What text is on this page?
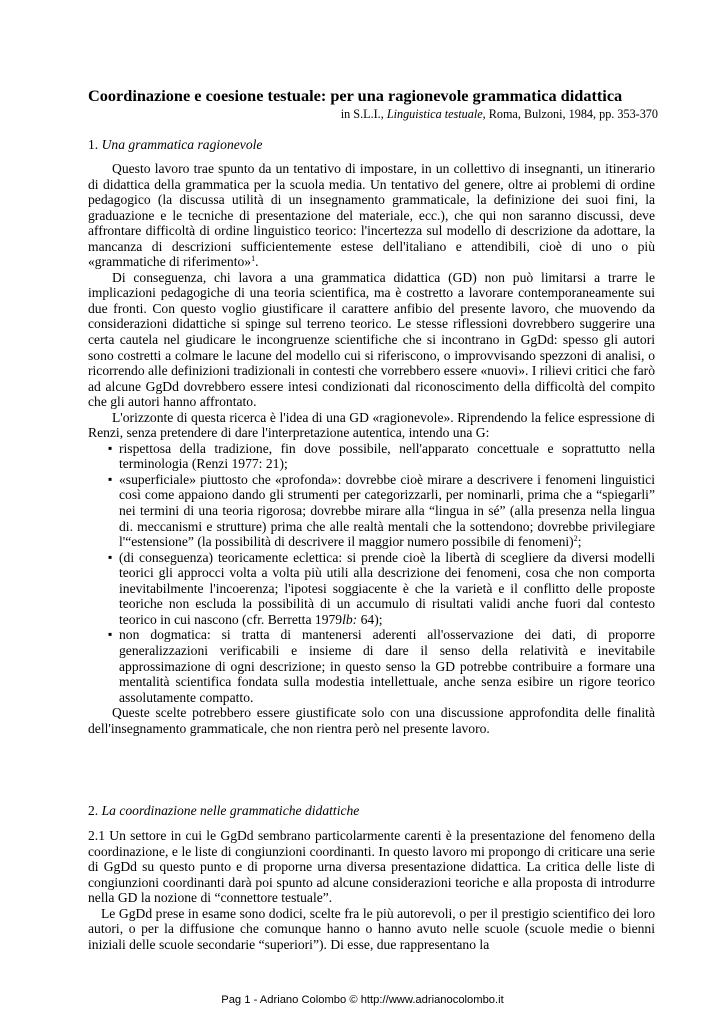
Coordinazione e coesione testuale: per una ragionevole grammatica didattica
in S.L.I., Linguistica testuale, Roma, Bulzoni, 1984, pp. 353-370
1. Una grammatica ragionevole

Questo lavoro trae spunto da un tentativo di impostare, in un collettivo di insegnanti, un itinerario di didattica della grammatica per la scuola media. Un tentativo del genere, oltre ai problemi di ordine pedagogico (la discussa utilità di un insegnamento grammaticale, la definizione dei suoi fini, la graduazione e le tecniche di presentazione del materiale, ecc.), che qui non saranno discussi, deve affrontare difficoltà di ordine linguistico teorico: l'incertezza sul modello di descrizione da adottare, la mancanza di descrizioni sufficientemente estese dell'italiano e attendibili, cioè di uno o più «grammatiche di riferimento»$^1$.

Di conseguenza, chi lavora a una grammatica didattica (GD) non può limitarsi a trarre le implicazioni pedagogiche di una teoria scientifica, ma è costretto a lavorare contemporaneamente sui due fronti. Con questo voglio giustificare il carattere anfibio del presente lavoro, che muovendo da considerazioni didattiche si spinge sul terreno teorico. Le stesse riflessioni dovrebbero suggerire una certa cautela nel giudicare le incongruenze scientifiche che si incontrano in GgDd: spesso gli autori sono costretti a colmare le lacune del modello cui si riferiscono, o improvvisando spezzoni di analisi, o ricorrendo alle definizioni tradizionali in contesti che vorrebbero essere «nuovi». I rilievi critici che farò ad alcune GgDd dovrebbero essere intesi condizionati dal riconoscimento della difficoltà del compito che gli autori hanno affrontato.

L'orizzonte di questa ricerca è l'idea di una GD «ragionevole». Riprendendo la felice espressione di Renzi, senza pretendere di dare l'interpretazione autentica, intendo una G:

▪ rispettosa della tradizione, fin dove possibile, nell'apparato concettuale e soprattutto nella terminologia (Renzi 1977: 21);
▪ «superficiale» piuttosto che «profonda»: dovrebbe cioè mirare a descrivere i fenomeni linguistici così come appaiono dando gli strumenti per categorizzarli, per nominarli, prima che a “spiegarli” nei termini di una teoria rigorosa; dovrebbe mirare alla “lingua in sé” (alla presenza nella lingua di. meccanismi e strutture) prima che alle realtà mentali che la sottendono; dovrebbe privilegiare l'“estensione” (la possibilità di descrivere il maggior numero possibile di fenomeni)$^2$;
▪ (di conseguenza) teoricamente eclettica: si prende cioè la libertà di scegliere da diversi modelli teorici gli approcci volta a volta più utili alla descrizione dei fenomeni, cosa che non comporta inevitabilmente l'incoerenza; l'ipotesi soggiacente è che la varietà e il conflitto delle proposte teoriche non escluda la possibilità di un accumulo di risultati validi anche fuori dal contesto teorico in cui nascono (cfr. Berretta 1979lb: 64);
▪ non dogmatica: si tratta di mantenersi aderenti all'osservazione dei dati, di proporre generalizzazioni verificabili e insieme di dare il senso della relatività e inevitabile approssimazione di ogni descrizione; in questo senso la GD potrebbe contribuire a formare una mentalità scientifica fondata sulla modestia intellettuale, anche senza esibire un rigore teorico assolutamente compatto.

Queste scelte potrebbero essere giustificate solo con una discussione approfondita delle finalità dell'insegnamento grammaticale, che non rientra però nel presente lavoro.

2. La coordinazione nelle grammatiche didattiche

2.1 Un settore in cui le GgDd sembrano particolarmente carenti è la presentazione del fenomeno della coordinazione, e le liste di congiunzioni coordinanti. In questo lavoro mi propongo di criticare una serie di GgDd su questo punto e di proporne urna diversa presentazione didattica. La critica delle liste di congiunzioni coordinanti darà poi spunto ad alcune considerazioni teoriche e alla proposta di introdurre nella GD la nozione di “connettore testuale”.

Le GgDd prese in esame sono dodici, scelte fra le più autorevoli, o per il prestigio scientifico dei loro autori, o per la diffusione che comunque hanno o hanno avuto nelle scuole (scuole medie o bienni iniziali delle scuole secondarie “superiori”). Di esse, due rappresentano la

Pag 1 - Adriano Colombo © http://www.adrianocolombo.it
